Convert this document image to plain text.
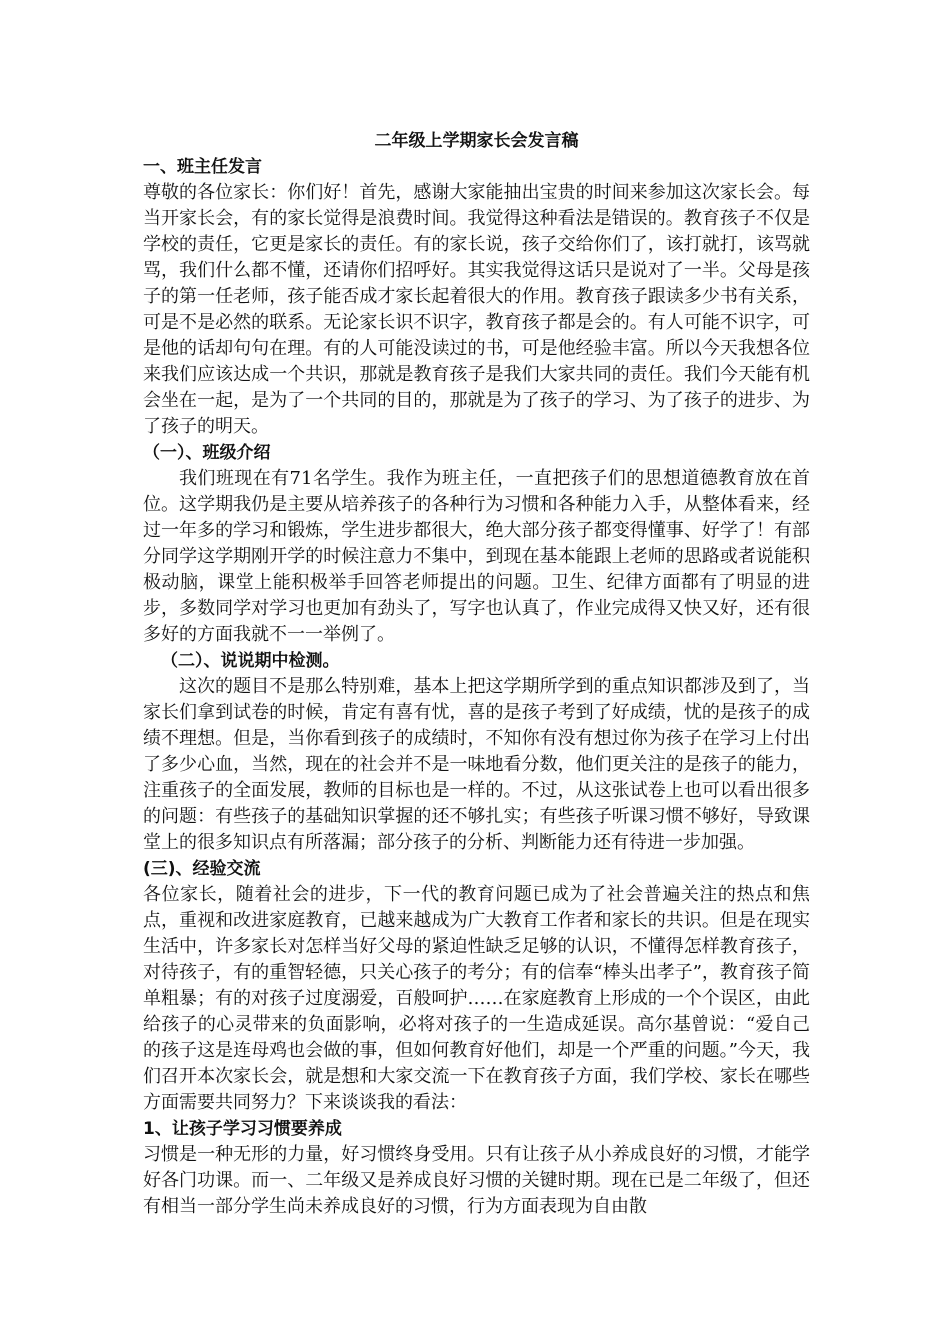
二年级上学期家长会发言稿
一、班主任发言

尊敬的各位家长：你们好！首先，感谢大家能抽出宝贵的时间来参加这次家长会。每当开家长会，有的家长觉得是浪费时间。我觉得这种看法是错误的。教育孩子不仅是学校的责任，它更是家长的责任。有的家长说，孩子交给你们了，该打就打，该骂就骂，我们什么都不懂，还请你们招呼好。其实我觉得这话只是说对了一半。父母是孩子的第一任老师，孩子能否成才家长起着很大的作用。教育孩子跟读多少书有关系，可是不是必然的联系。无论家长识不识字，教育孩子都是会的。有人可能不识字，可是他的话却句句在理。有的人可能没读过的书，可是他经验丰富。所以今天我想各位来我们应该达成一个共识，那就是教育孩子是我们大家共同的责任。我们今天能有机会坐在一起，是为了一个共同的目的，那就是为了孩子的学习、为了孩子的进步、为了孩子的明天。

（一）、班级介绍

我们班现在有71名学生。我作为班主任，一直把孩子们的思想道德教育放在首位。这学期我仍是主要从培养孩子的各种行为习惯和各种能力入手，从整体看来，经过一年多的学习和锻炼，学生进步都很大，绝大部分孩子都变得懂事、好学了！有部分同学这学期刚开学的时候注意力不集中，到现在基本能跟上老师的思路或者说能积极动脑，课堂上能积极举手回答老师提出的问题。卫生、纪律方面都有了明显的进步，多数同学对学习也更加有劲头了，写字也认真了，作业完成得又快又好，还有很多好的方面我就不一一举例了。

（二）、说说期中检测。

这次的题目不是那么特别难，基本上把这学期所学到的重点知识都涉及到了，当家长们拿到试卷的时候，肯定有喜有忧，喜的是孩子考到了好成绩，忧的是孩子的成绩不理想。但是，当你看到孩子的成绩时，不知你有没有想过你为孩子在学习上付出了多少心血，当然，现在的社会并不是一味地看分数，他们更关注的是孩子的能力，注重孩子的全面发展，教师的目标也是一样的。不过，从这张试卷上也可以看出很多的问题：有些孩子的基础知识掌握的还不够扎实；有些孩子听课习惯不够好，导致课堂上的很多知识点有所落漏；部分孩子的分析、判断能力还有待进一步加强。

(三)、经验交流

各位家长，随着社会的进步，下一代的教育问题已成为了社会普遍关注的热点和焦点，重视和改进家庭教育，已越来越成为广大教育工作者和家长的共识。但是在现实生活中，许多家长对怎样当好父母的紧迫性缺乏足够的认识，不懂得怎样教育孩子，对待孩子，有的重智轻德，只关心孩子的考分；有的信奉“棒头出孝子”，教育孩子简单粗暴；有的对孩子过度溺爱，百般呵护……在家庭教育上形成的一个个误区，由此给孩子的心灵带来的负面影响，必将对孩子的一生造成延误。高尔基曾说：“爱自己的孩子这是连母鸡也会做的事，但如何教育好他们，却是一个严重的问题。”今天，我们召开本次家长会，就是想和大家交流一下在教育孩子方面，我们学校、家长在哪些方面需要共同努力？下来谈谈我的看法：

1、让孩子学习习惯要养成

习惯是一种无形的力量，好习惯终身受用。只有让孩子从小养成良好的习惯，才能学好各门功课。而一、二年级又是养成良好习惯的关键时期。现在已是二年级了，但还有相当一部分学生尚未养成良好的习惯，行为方面表现为自由散
